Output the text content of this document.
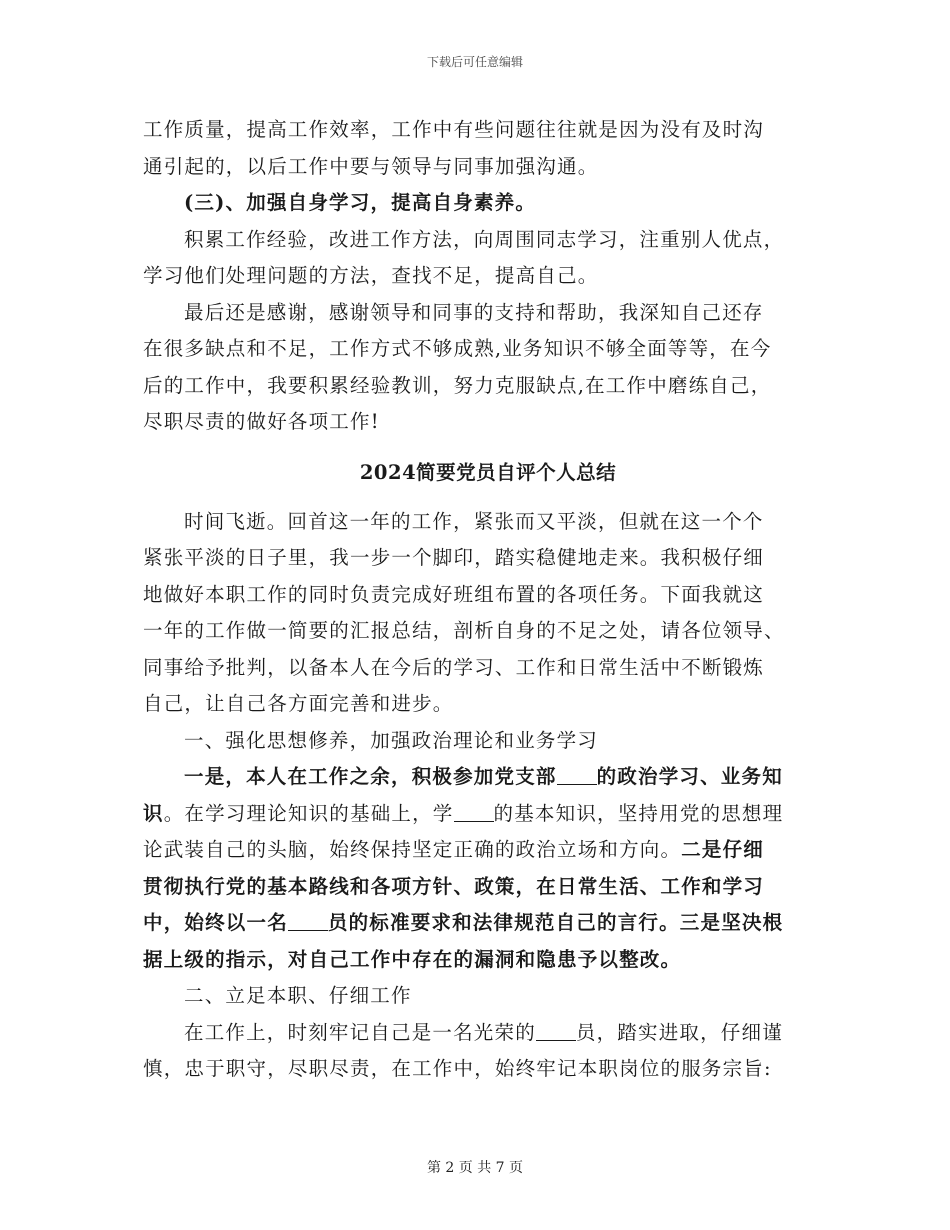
下载后可任意编辑
工作质量，提高工作效率，工作中有些问题往往就是因为没有及时沟
通引起的，以后工作中要与领导与同事加强沟通。
(三)、加强自身学习，提高自身素养。
积累工作经验，改进工作方法，向周围同志学习，注重别人优点，
学习他们处理问题的方法，查找不足，提高自己。
最后还是感谢，感谢领导和同事的支持和帮助，我深知自己还存
在很多缺点和不足，工作方式不够成熟,业务知识不够全面等等，在今
后的工作中，我要积累经验教训，努力克服缺点,在工作中磨练自己，
尽职尽责的做好各项工作!
2024简要党员自评个人总结
时间飞逝。回首这一年的工作，紧张而又平淡，但就在这一个个
紧张平淡的日子里，我一步一个脚印，踏实稳健地走来。我积极仔细
地做好本职工作的同时负责完成好班组布置的各项任务。下面我就这
一年的工作做一简要的汇报总结，剖析自身的不足之处，请各位领导、
同事给予批判，以备本人在今后的学习、工作和日常生活中不断锻炼
自己，让自己各方面完善和进步。
一、强化思想修养，加强政治理论和业务学习
一是，本人在工作之余，积极参加党支部 的政治学习、业务知
识。在学习理论知识的基础上，学 的基本知识，坚持用党的思想理
论武装自己的头脑，始终保持坚定正确的政治立场和方向。二是仔细
贯彻执行党的基本路线和各项方针、政策，在日常生活、工作和学习
中，始终以一名 员的标准要求和法律规范自己的言行。三是坚决根
据上级的指示，对自己工作中存在的漏洞和隐患予以整改。
二、立足本职、仔细工作
在工作上，时刻牢记自己是一名光荣的 员，踏实进取，仔细谨
慎，忠于职守，尽职尽责，在工作中，始终牢记本职岗位的服务宗旨:
第 2 页 共 7 页
